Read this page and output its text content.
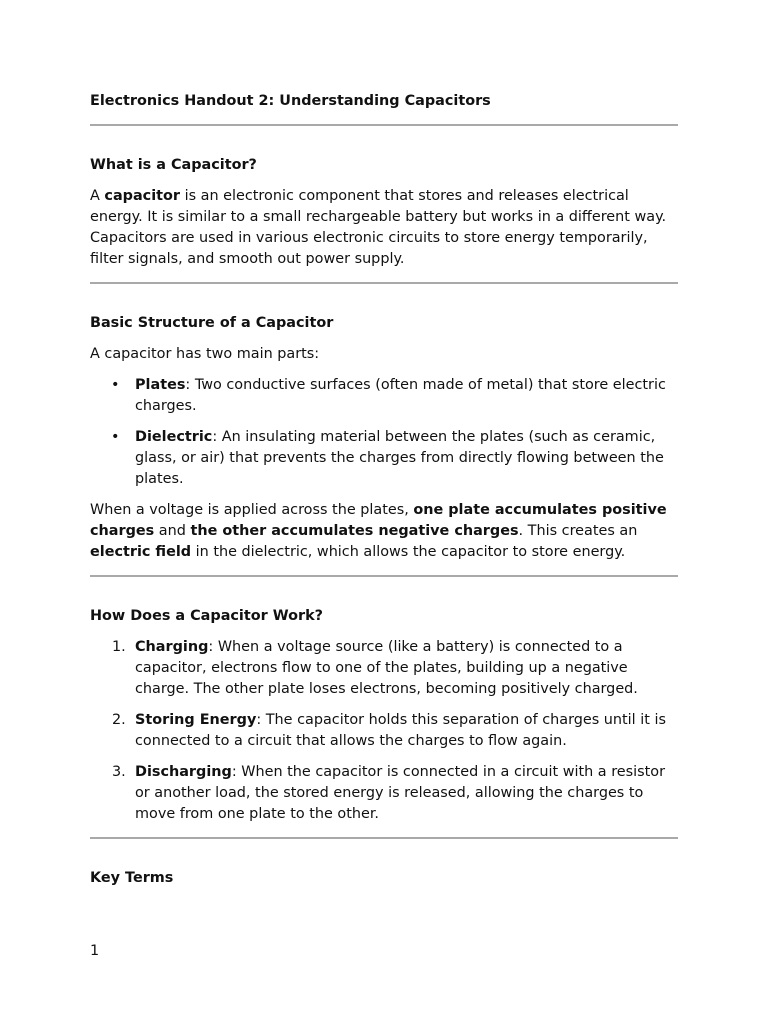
Electronics Handout 2: Understanding Capacitors
What is a Capacitor?

A capacitor is an electronic component that stores and releases electrical energy. It is similar to a small rechargeable battery but works in a different way. Capacitors are used in various electronic circuits to store energy temporarily, filter signals, and smooth out power supply.

Basic Structure of a Capacitor

A capacitor has two main parts:

• Plates: Two conductive surfaces (often made of metal) that store electric charges.
• Dielectric: An insulating material between the plates (such as ceramic, glass, or air) that prevents the charges from directly flowing between the plates.

When a voltage is applied across the plates, one plate accumulates positive charges and the other accumulates negative charges. This creates an electric field in the dielectric, which allows the capacitor to store energy.

How Does a Capacitor Work?
1. Charging: When a voltage source (like a battery) is connected to a capacitor, electrons flow to one of the plates, building up a negative charge. The other plate loses electrons, becoming positively charged.
2. Storing Energy: The capacitor holds this separation of charges until it is connected to a circuit that allows the charges to flow again.
3. Discharging: When the capacitor is connected in a circuit with a resistor or another load, the stored energy is released, allowing the charges to move from one plate to the other.
Key Terms
1
